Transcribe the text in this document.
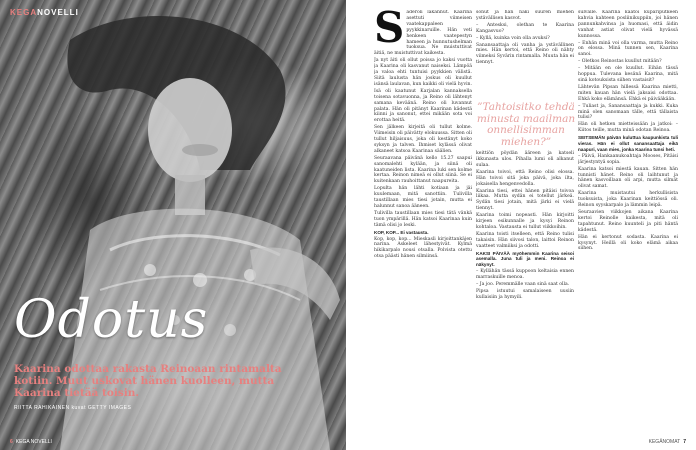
KEGANOVELLI
Odotus
Kaarina odottaa rakasta Reinoaan rintamalta kotiin. Muut uskovat hänen kuolleen, mutta Kaarina tietää toisin.
RIITTA RAHIKAINEN kuvat GETTY IMAGES
6 KEGA NOVELLI
S aderoli lakannut. Kaarina asettuti viimeisen vaatekappaleen pyykkinaruille. Hän veti henkeen vaatepestyn hameen ja hunnutushelman tuoksua. Ne muistuttivat äitiä, ne muistuttivat kaikesta.

Ja nyt äiti oli ollut poissa jo kaksi vuotta ja Kaarina oli kasvanut naiseksi. Lämpöä ja valoa ehti tuntuisi pyykkien välistä. Siitä laulusta hän joskus oli kuullut isänsä laulavan, kun kaikki oli vielä hyvin.

Isä oli kaatunut Karjalan kannaksella toisena sotavuonna, ja Reino oli lähtenyt samana keväänä. Reino oli luvannut palata. Hän oli pitänyt Kaarinan kädestä kiinni ja sanonut, ettei mikään sota voi erottaa heitä.

Sen jälkeen kirjeitä oli tullut kolme. Viimeisin oli päivätty elokuussa. Sitten oli tullut hiljaisuus, joka oli kestänyt koko syksyn ja talven. Ihmiset kylässä olivat alkaneet katsoa Kaarinaa säälien.

Seuraavana päivänä kello 15.27 saapui sanomalehti kylään, ja siinä oli kaatuneiden lista. Kaarina luki sen kolme kertaa. Reinon nimeä ei ollut siinä. Se ei kuitenkaan rauhoittanut naapureita.

Lopulta hän lähti kotiaan ja jäi kuulemaan, mitä sanottiin. Tulivilla taustillaan mies tiesi jotain, mutta ei halunnut sanoa ääneen.

Tulivilla taustillaan mies tiesi tätä vänkä tuon ympärillä. Hän katsoi Kaarinaa kuin tämä olisi jo leski.

KOP, KOP... Ei vastausta.

Kop, kop, kop... Mieskasli kirjoittankäjen narina. Askeleet lähestyivät. Kylmä hikikarpalo nousi otsalla. Polvista otettu otsa päästi hänen silmiinsä.

sonut ja hän näki suuren miehen ystävällisen kasvot.

– Antesksi, olethan te Kaarina Kangasvuo?

– Kyllä, kuinka voin olla avuksi?

Sanansaattaja oli vanha ja ystävällinen mies. Hän kertoi, että Reino oli nähty viimeksi Syvärin rintamalla. Muuta hän ei tiennyt.

keittiön pöydän ääreen ja katseli ikkunasta ulos. Pihalla lumi oli alkanut sulaa.

Kaarina toivoi, että Reino olisi elossa. Hän toivoi sitä joka päivä, joka ilta, jokaisella hengenvedolla.

Kaarina tiesi, ettei hänen pitäisi toivoa liikaa. Mutta sydän ei totellut järkeä. Sydän tiesi jotain, mitä järki ei vielä tiennyt.

Kaarina toimi nopeasti. Hän kirjoitti kirjeen esikunnalle ja kysyi Reinon kohtaloa. Vastausta ei tullut viikkoihin.

Kaarina toisti itselleen, että Reino tulisi takaisin. Hän siivosi talon, laittoi Reinon vaatteet valmiiksi ja odotti.

KAKSI PÄIVÄÄ myöhemmin Kaarina seisoi asemalla. Juna tuli ja meni. Reinoa ei näkynyt.

– Kyllähän tässä kuppoon keltaisia ennen marraskuille menoa.

– Ja joo. Peremmälle vaan sinä saat olla.

Pipsa istuutui samalaiseen uusiin kullaisiin ja hymyili.

”Tahtoisitko tehdä minusta maailman onnellisimman miehen?”

sulvalle. Kaarina kaatoi kupariputkeen kahvia kahteen posliinikuppiin, joi hänen pannunkahvinsa ja huomasi, että äidin vanhat astiat olivat vielä hyvässä kunnossa.

– Enhän minä voi olla varma, mutta Reino on elossa. Minä tunnen sen, Kaarina sanoi.

– Oletkos Reinostas kuullut mitään?

– Mitään en ole kuullut. Eihän tässä hoppua. Tulevana kesänä Kaarina, mitä sinä kotouksista siihen vastaisit?

Lähtevän Pipsan hillessä Kaarina mietti, miten kauan hän vielä jaksaisi odottaa. Ehkä koko elämänsä. Ehkä ei päivääkään.

– Tuliast ja, Sanansaattaja ja kukki. Kuka minä olen sanomaan tälle, että tällaista tulisi?

Hän oli hetken mietteissään ja jatkoi: – Kiitos teille, mutta minä odotan Reinoa.

SEITSEMÄN päivän kuluttua kaupunkista tuli vieras. Hän ei ollut sanansaattaja eikä naapuri, vaan mies, jonka Kaarina tunsi heti.

– Päivä, Hankaanukoahtaja Mooses, Pitäisi järjestyntyä sopia.

Kaarina katsoi miestä kauan. Sitten hän tunnisti hänet. Reino oli laihtunut ja hänen kasvoillaan oli arpi, mutta silmät olivat samat.

Kaarina muistautui herkullisista tuoksuista, joka Kaarinan keittiössä oli. Reinon syyskarpalo ja lämmin leipä.

Seuraavien viikkojen aikana Kaarina kertoi Reinolle kaikesta, mitä oli tapahtunut. Reino kuunteli ja piti häntä kädestä.

Hän ei kertonut sodasta. Kaarina ei kysynyt. Heillä oli koko elämä aikaa siihen.

KEGÄNOMAT 7
